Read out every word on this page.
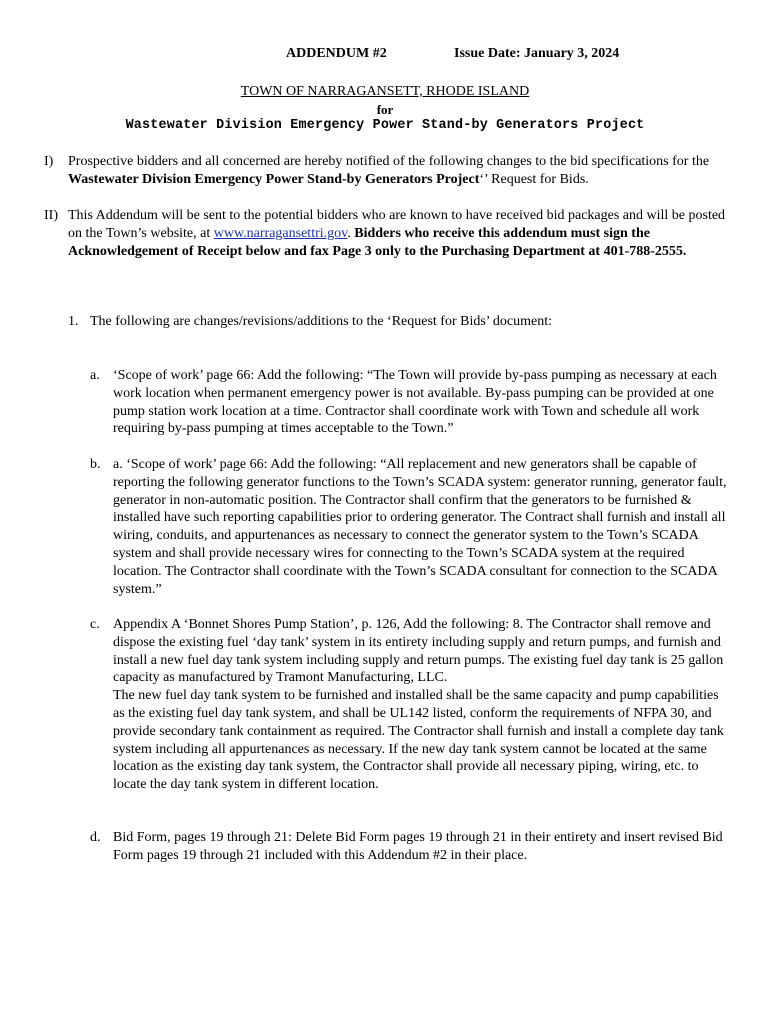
ADDENDUM #2	Issue Date: January 3, 2024
TOWN OF NARRAGANSETT, RHODE ISLAND
for
Wastewater Division Emergency Power Stand-by Generators Project
I) Prospective bidders and all concerned are hereby notified of the following changes to the bid specifications for the Wastewater Division Emergency Power Stand-by Generators Project‘’ Request for Bids.
II) This Addendum will be sent to the potential bidders who are known to have received bid packages and will be posted on the Town’s website, at www.narragansettri.gov. Bidders who receive this addendum must sign the Acknowledgement of Receipt below and fax Page 3 only to the Purchasing Department at 401-788-2555.
1. The following are changes/revisions/additions to the ‘Request for Bids’ document:
a. ‘Scope of work’ page 66: Add the following: “The Town will provide by-pass pumping as necessary at each work location when permanent emergency power is not available. By-pass pumping can be provided at one pump station work location at a time. Contractor shall coordinate work with Town and schedule all work requiring by-pass pumping at times acceptable to the Town.”
b. a. ‘Scope of work’ page 66: Add the following: “All replacement and new generators shall be capable of reporting the following generator functions to the Town’s SCADA system: generator running, generator fault, generator in non-automatic position. The Contractor shall confirm that the generators to be furnished & installed have such reporting capabilities prior to ordering generator. The Contract shall furnish and install all wiring, conduits, and appurtenances as necessary to connect the generator system to the Town’s SCADA system and shall provide necessary wires for connecting to the Town’s SCADA system at the required location. The Contractor shall coordinate with the Town’s SCADA consultant for connection to the SCADA system.”
c. Appendix A ‘Bonnet Shores Pump Station’, p. 126, Add the following: 8. The Contractor shall remove and dispose the existing fuel ‘day tank’ system in its entirety including supply and return pumps, and furnish and install a new fuel day tank system including supply and return pumps. The existing fuel day tank is 25 gallon capacity as manufactured by Tramont Manufacturing, LLC.
The new fuel day tank system to be furnished and installed shall be the same capacity and pump capabilities as the existing fuel day tank system, and shall be UL142 listed, conform the requirements of NFPA 30, and provide secondary tank containment as required. The Contractor shall furnish and install a complete day tank system including all appurtenances as necessary. If the new day tank system cannot be located at the same location as the existing day tank system, the Contractor shall provide all necessary piping, wiring, etc. to locate the day tank system in different location.
d. Bid Form, pages 19 through 21: Delete Bid Form pages 19 through 21 in their entirety and insert revised Bid Form pages 19 through 21 included with this Addendum #2 in their place.
